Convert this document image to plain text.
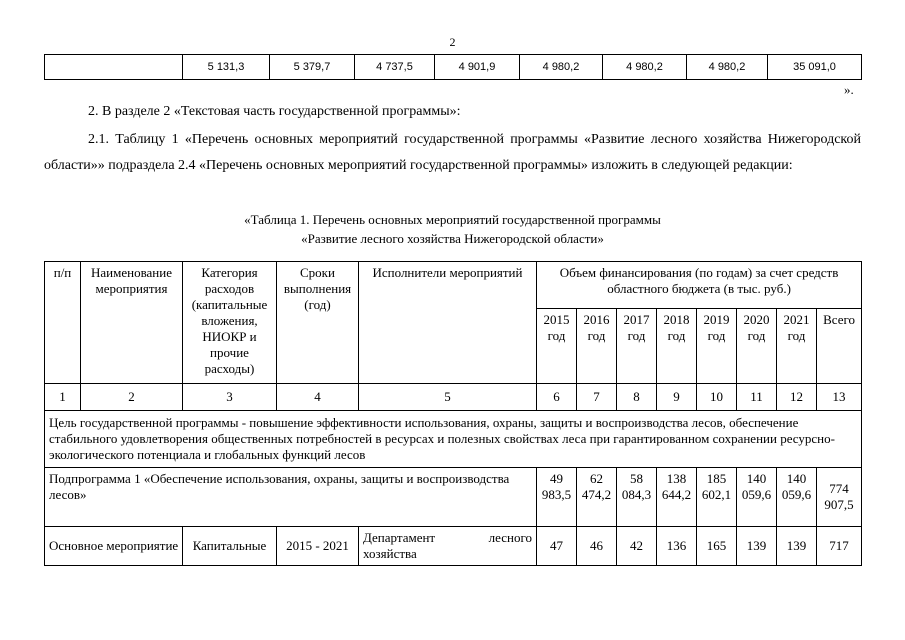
2
	5 131,3	5 379,7	4 737,5	4 901,9	4 980,2	4 980,2	4 980,2	35 091,0
».
2. В разделе 2 «Текстовая часть государственной программы»:
2.1. Таблицу 1 «Перечень основных мероприятий государственной программы «Развитие лесного хозяйства Нижегородской области»» подраздела 2.4 «Перечень основных мероприятий государственной программы» изложить в следующей редакции:
«Таблица 1. Перечень основных мероприятий государственной программы
«Развитие лесного хозяйства Нижегородской области»
п/п	Наименование мероприятия	Категория расходов (капитальные вложения, НИОКР и прочие расходы)	Сроки выполнения (год)	Исполнители мероприятий	Объем финансирования (по годам) за счет средств областного бюджета (в тыс. руб.)							
					2015 год	2016 год	2017 год	2018 год	2019 год	2020 год	2021 год	Всего
1	2	3	4	5	6	7	8	9	10	11	12	13
Цель государственной программы - повышение эффективности использования, охраны, защиты и воспроизводства лесов, обеспечение стабильного удовлетворения общественных потребностей в ресурсах и полезных свойствах леса при гарантированном сохранении ресурсно-экологического потенциала и глобальных функций лесов												
Подпрограмма 1 «Обеспечение использования, охраны, защиты и воспроизводства лесов»					49 983,5	62 474,2	58 084,3	138 644,2	185 602,1	140 059,6	140 059,6	774 907,5
Основное мероприятие		Капитальные	2015 - 2021	Департамент лесного хозяйства	47	46	42	136	165	139	139	717
